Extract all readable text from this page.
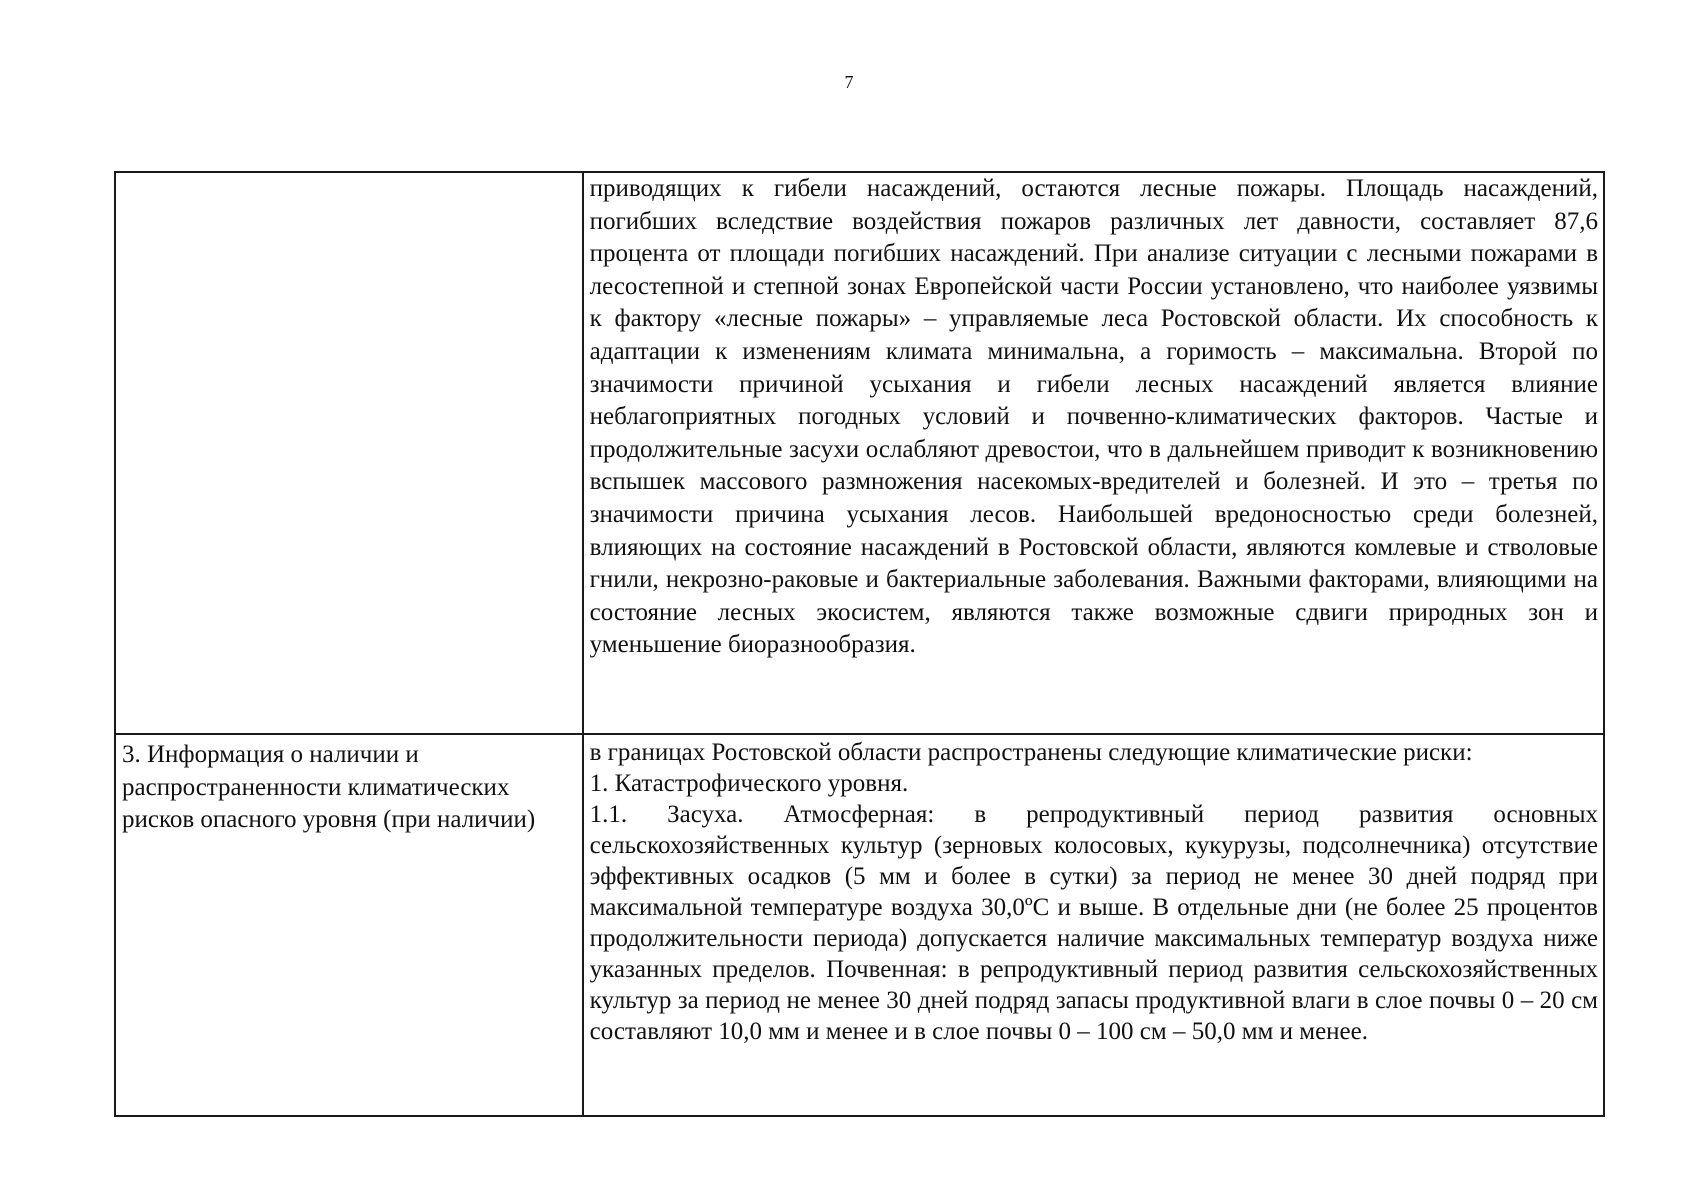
7

	приводящих к гибели насаждений, остаются лесные пожары. Площадь насаждений, погибших вследствие воздействия пожаров различных лет давности, составляет 87,6 процента от площади погибших насаждений. При анализе ситуации с лесными пожарами в лесостепной и степной зонах Европейской части России установлено, что наиболее уязвимы к фактору «лесные пожары» – управляемые леса Ростовской области. Их способность к адаптации к изменениям климата минимальна, а горимость – максимальна. Второй по значимости причиной усыхания и гибели лесных насаждений является влияние неблагоприятных погодных условий и почвенно-климатических факторов. Частые и продолжительные засухи ослабляют древостои, что в дальнейшем приводит к возникновению вспышек массового размножения насекомых-вредителей и болезней. И это – третья по значимости причина усыхания лесов. Наибольшей вредоносностью среди болезней, влияющих на состояние насаждений в Ростовской области, являются комлевые и стволовые гнили, некрозно-раковые и бактериальные заболевания. Важными факторами, влияющими на состояние лесных экосистем, являются также возможные сдвиги природных зон и уменьшение биоразнообразия.

3. Информация о наличии и распространенности климатических рисков опасного уровня (при наличии)	в границах Ростовской области распространены следующие климатические риски:

1. Катастрофического уровня.

1.1. Засуха. Атмосферная: в репродуктивный период развития основных сельскохозяйственных культур (зерновых колосовых, кукурузы, подсолнечника) отсутствие эффективных осадков (5 мм и более в сутки) за период не менее 30 дней подряд при максимальной температуре воздуха 30,0ºС и выше. В отдельные дни (не более 25 процентов продолжительности периода) допускается наличие максимальных температур воздуха ниже указанных пределов. Почвенная: в репродуктивный период развития сельскохозяйственных культур за период не менее 30 дней подряд запасы продуктивной влаги в слое почвы 0 – 20 см составляют 10,0 мм и менее и в слое почвы 0 – 100 см – 50,0 мм и менее.
